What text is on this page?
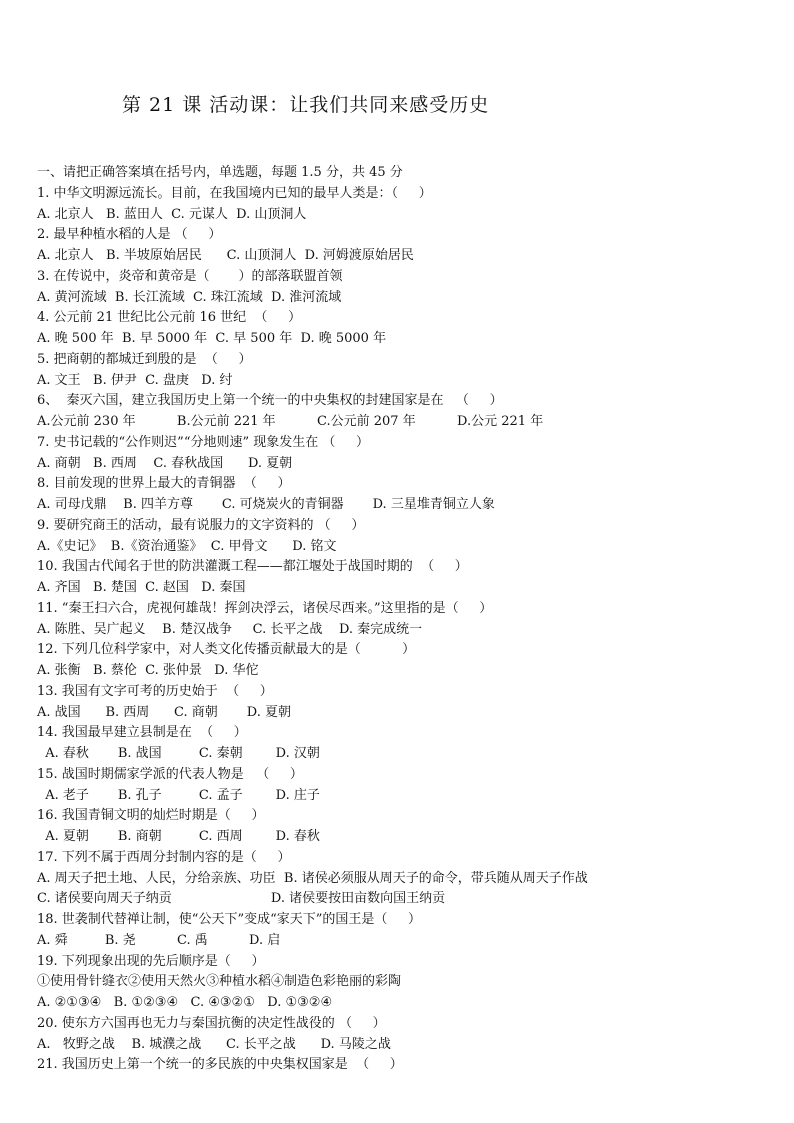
第 21 课 活动课：让我们共同来感受历史
一、请把正确答案填在括号内，单选题，每题 1.5 分，共 45 分
1. 中华文明源远流长。目前，在我国境内已知的最早人类是：（     ）
A. 北京人   B. 蓝田人  C. 元谋人  D. 山顶洞人
2. 最早种植水稻的人是 （     ）
A. 北京人   B. 半坡原始居民      C. 山顶洞人  D. 河姆渡原始居民
3. 在传说中，炎帝和黄帝是（       ）的部落联盟首领
A. 黄河流域  B. 长江流域  C. 珠江流域  D. 淮河流域
4. 公元前 21 世纪比公元前 16 世纪  （     ）
A. 晚 500 年  B. 早 5000 年  C. 早 500 年  D. 晚 5000 年
5. 把商朝的都城迁到殷的是  （     ）
A. 文王   B. 伊尹  C. 盘庚   D. 纣
6、  秦灭六国，建立我国历史上第一个统一的中央集权的封建国家是在   （     ）
A.公元前 230 年          B.公元前 221 年          C.公元前 207 年          D.公元 221 年
7. 史书记载的“公作则迟”“分地则速” 现象发生在 （     ）
A. 商朝   B. 西周    C. 春秋战国      D. 夏朝
8. 目前发现的世界上最大的青铜器  （     ）
A. 司母戊鼎    B. 四羊方尊       C. 可烧炭火的青铜器       D. 三星堆青铜立人象
9. 要研究商王的活动，最有说服力的文字资料的 （     ）
A.《史记》  B.《资治通鉴》  C. 甲骨文      D. 铭文
10. 我国古代闻名于世的防洪灌溉工程——都江堰处于战国时期的  （     ）
A. 齐国   B. 楚国  C. 赵国   D. 秦国
11. “秦王扫六合，虎视何雄哉！挥剑决浮云，诸侯尽西来。”这里指的是（     ）
A. 陈胜、吴广起义    B. 楚汉战争     C. 长平之战    D. 秦完成统一
12. 下列几位科学家中，对人类文化传播贡献最大的是（          ）
A. 张衡   B. 蔡伦  C. 张仲景   D. 华佗
13. 我国有文字可考的历史始于  （     ）
A. 战国      B. 西周      C. 商朝       D. 夏朝
14. 我国最早建立县制是在  （     ）
A. 春秋       B. 战国         C. 秦朝        D. 汉朝
15. 战国时期儒家学派的代表人物是   （     ）
A. 老子       B. 孔子         C. 孟子        D. 庄子
16. 我国青铜文明的灿烂时期是（     ）
A. 夏朝       B. 商朝         C. 西周        D. 春秋
17. 下列不属于西周分封制内容的是（     ）
A. 周天子把土地、人民，分给亲族、功臣  B. 诸侯必须服从周天子的命令，带兵随从周天子作战
C. 诸侯要向周天子纳贡                        D. 诸侯要按田亩数向国王纳贡
18. 世袭制代替禅让制，使“公天下”变成“家天下”的国王是（     ）
A. 舜         B. 尧          C. 禹          D. 启
19. 下列现象出现的先后顺序是（     ）
①使用骨针缝衣②使用天然火③种植水稻④制造色彩艳丽的彩陶
A. ②①③④   B. ①②③④   C. ④③②①   D. ①③②④
20. 使东方六国再也无力与秦国抗衡的决定性战役的 （     ）
A.   牧野之战    B. 城濮之战      C. 长平之战      D. 马陵之战
21. 我国历史上第一个统一的多民族的中央集权国家是  （     ）
